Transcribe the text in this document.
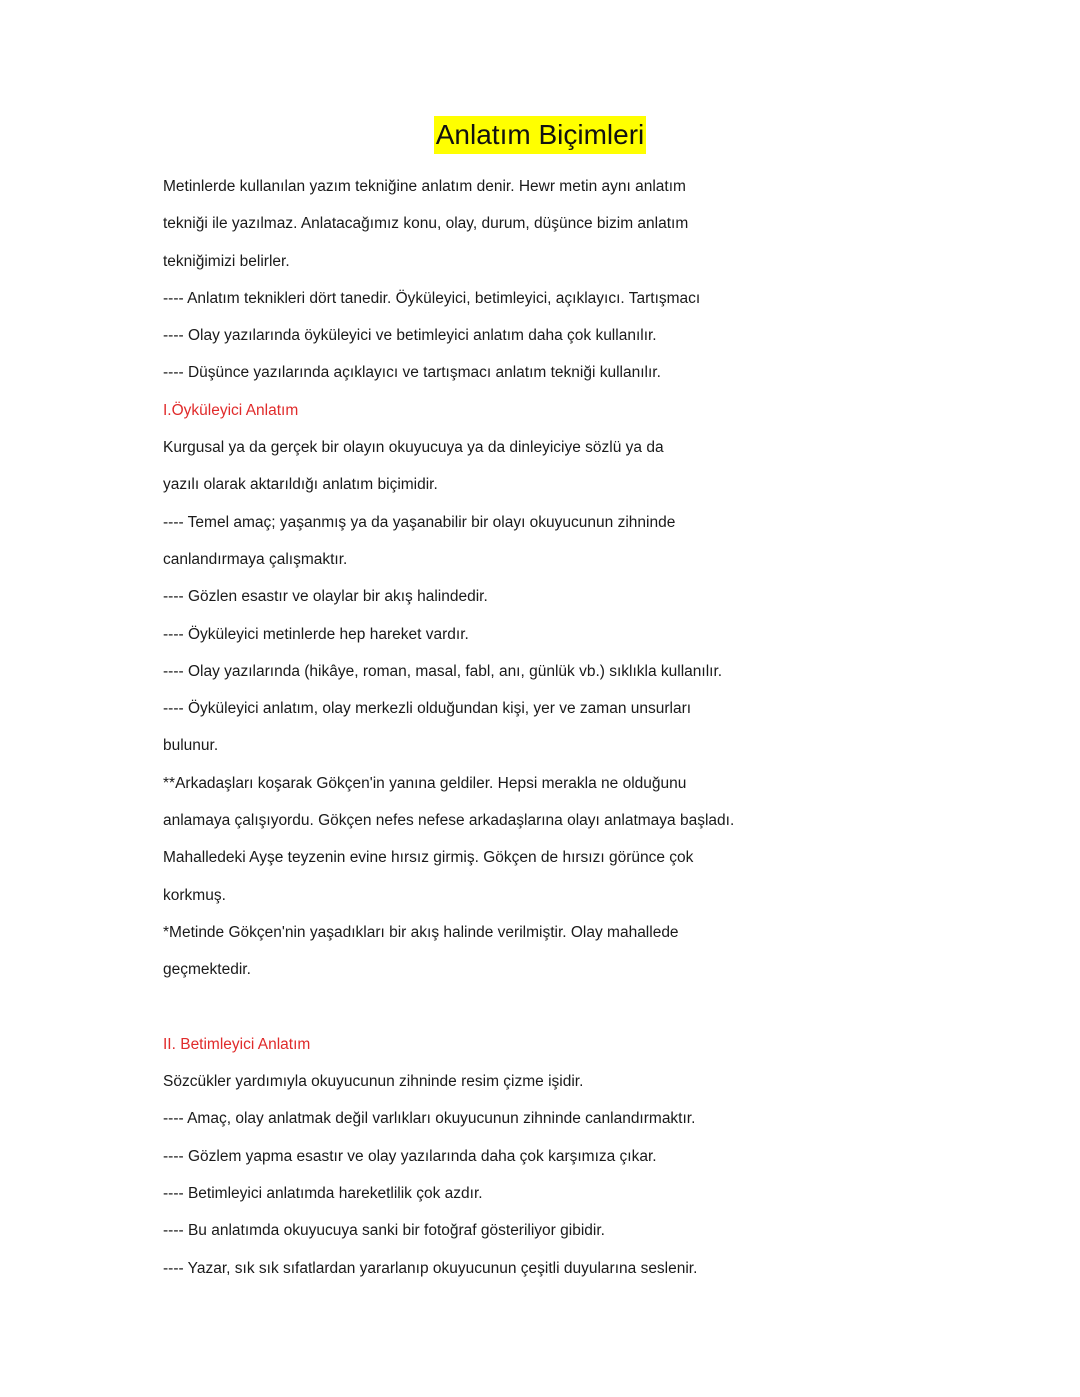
Anlatım Biçimleri
Metinlerde kullanılan yazım tekniğine anlatım denir. Hewr metin aynı anlatım
tekniği ile yazılmaz. Anlatacağımız konu, olay, durum, düşünce bizim anlatım
tekniğimizi belirler.
---- Anlatım teknikleri dört tanedir. Öyküleyici, betimleyici, açıklayıcı. Tartışmacı
---- Olay yazılarında öyküleyici ve betimleyici anlatım daha çok kullanılır.
---- Düşünce yazılarında açıklayıcı ve tartışmacı anlatım tekniği kullanılır.
I.Öyküleyici Anlatım
Kurgusal ya da gerçek bir olayın okuyucuya ya da dinleyiciye sözlü ya da
yazılı olarak aktarıldığı anlatım biçimidir.
---- Temel amaç; yaşanmış ya da yaşanabilir bir olayı okuyucunun zihninde
canlandırmaya çalışmaktır.
---- Gözlen esastır ve olaylar bir akış halindedir.
---- Öyküleyici metinlerde hep hareket vardır.
---- Olay yazılarında (hikâye, roman, masal, fabl, anı, günlük vb.) sıklıkla kullanılır.
---- Öyküleyici anlatım, olay merkezli olduğundan kişi, yer ve zaman unsurları
bulunur.
**Arkadaşları koşarak Gökçen'in yanına geldiler. Hepsi merakla ne olduğunu
anlamaya çalışıyordu. Gökçen nefes nefese arkadaşlarına olayı anlatmaya başladı.
Mahalledeki Ayşe teyzenin evine hırsız girmiş. Gökçen de hırsızı görünce çok
korkmuş.
*Metinde Gökçen'nin yaşadıkları bir akış halinde verilmiştir. Olay mahallede
geçmektedir.
II. Betimleyici Anlatım
Sözcükler yardımıyla okuyucunun zihninde resim çizme işidir.
---- Amaç, olay anlatmak değil varlıkları okuyucunun zihninde canlandırmaktır.
---- Gözlem yapma esastır ve olay yazılarında daha çok karşımıza çıkar.
---- Betimleyici anlatımda hareketlilik çok azdır.
---- Bu anlatımda okuyucuya sanki bir fotoğraf gösteriliyor gibidir.
---- Yazar, sık sık sıfatlardan yararlanıp okuyucunun çeşitli duyularına seslenir.
